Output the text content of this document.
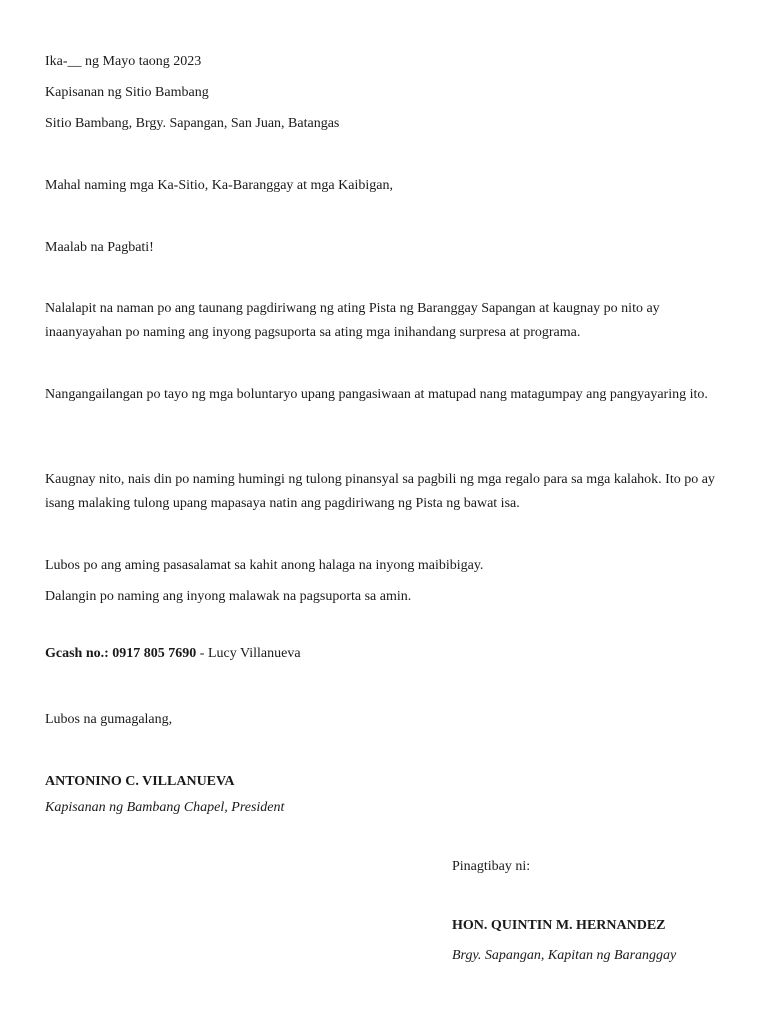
Ika-__ ng Mayo taong 2023
Kapisanan ng Sitio Bambang
Sitio Bambang, Brgy. Sapangan, San Juan, Batangas
Mahal naming mga Ka-Sitio, Ka-Baranggay at mga Kaibigan,
Maalab na Pagbati!
Nalalapit na naman po ang taunang pagdiriwang ng ating Pista ng Baranggay Sapangan at kaugnay po nito ay inaanyayahan po naming ang inyong pagsuporta sa ating mga inihandang surpresa at programa.
Nangangailangan po tayo ng mga boluntaryo upang pangasiwaan at matupad nang matagumpay ang pangyayaring ito.
Kaugnay nito, nais din po naming humingi ng tulong pinansyal sa pagbili ng mga regalo para sa mga kalahok. Ito po ay isang malaking tulong upang mapasaya natin ang pagdiriwang ng Pista ng bawat isa.
Lubos po ang aming pasasalamat sa kahit anong halaga na inyong maibibigay.
Dalangin po naming ang inyong malawak na pagsuporta sa amin.
Gcash no.: 0917 805 7690 - Lucy Villanueva
Lubos na gumagalang,
ANTONINO C. VILLANUEVA
Kapisanan ng Bambang Chapel, President
Pinagtibay ni:
HON. QUINTIN M. HERNANDEZ
Brgy. Sapangan, Kapitan ng Baranggay
